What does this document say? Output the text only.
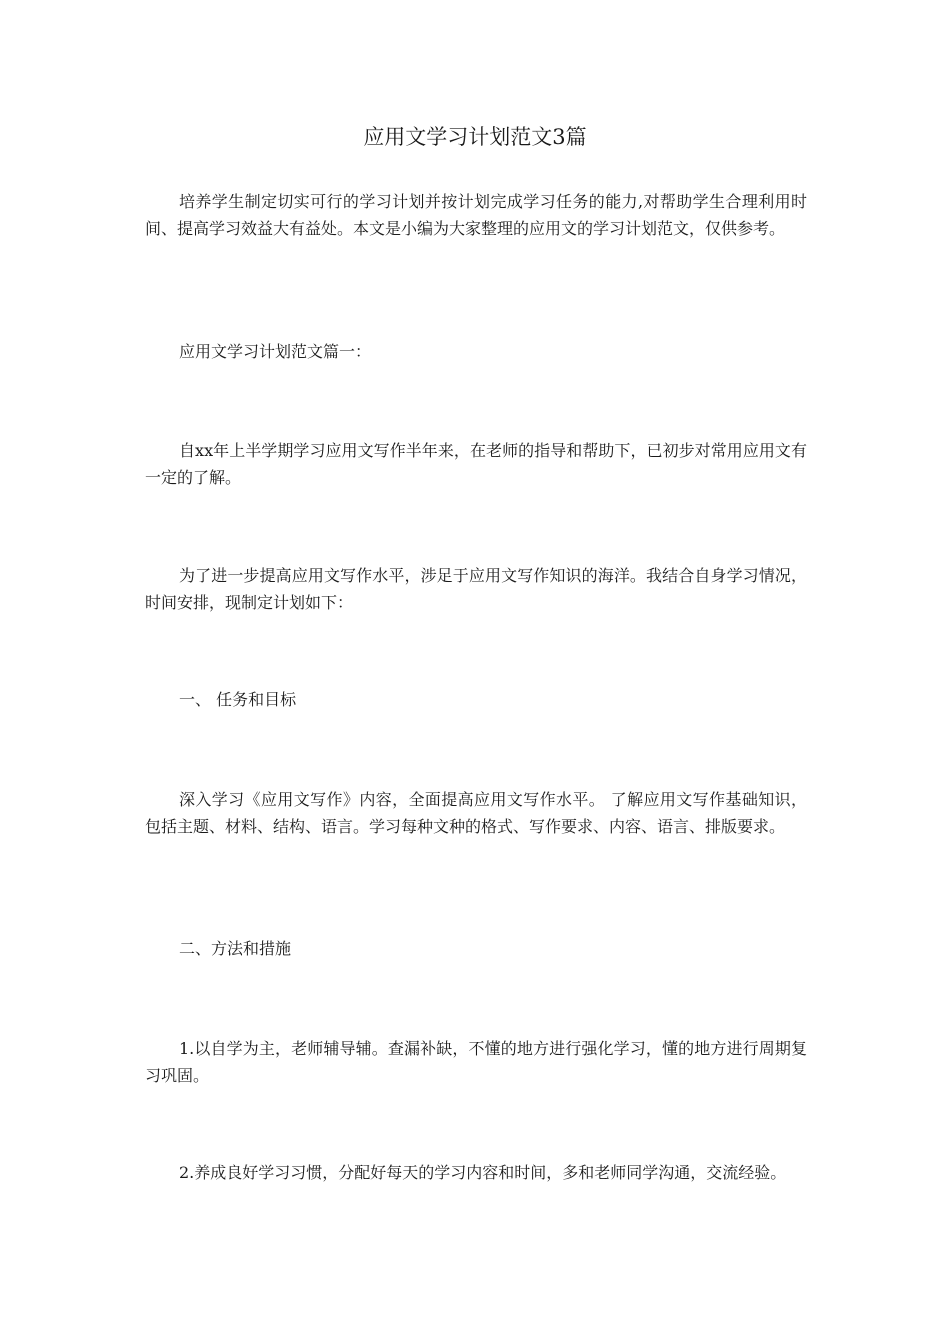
应用文学习计划范文3篇

培养学生制定切实可行的学习计划并按计划完成学习任务的能力,对帮助学生合理利用时间、提高学习效益大有益处。本文是小编为大家整理的应用文的学习计划范文，仅供参考。

应用文学习计划范文篇一：

自xx年上半学期学习应用文写作半年来，在老师的指导和帮助下，已初步对常用应用文有一定的了解。

为了进一步提高应用文写作水平，涉足于应用文写作知识的海洋。我结合自身学习情况，时间安排，现制定计划如下：

一、 任务和目标

深入学习《应用文写作》内容，全面提高应用文写作水平。 了解应用文写作基础知识，包括主题、材料、结构、语言。学习每种文种的格式、写作要求、内容、语言、排版要求。

二、方法和措施

1.以自学为主，老师辅导辅。查漏补缺，不懂的地方进行强化学习，懂的地方进行周期复习巩固。

2.养成良好学习习惯，分配好每天的学习内容和时间，多和老师同学沟通，交流经验。
